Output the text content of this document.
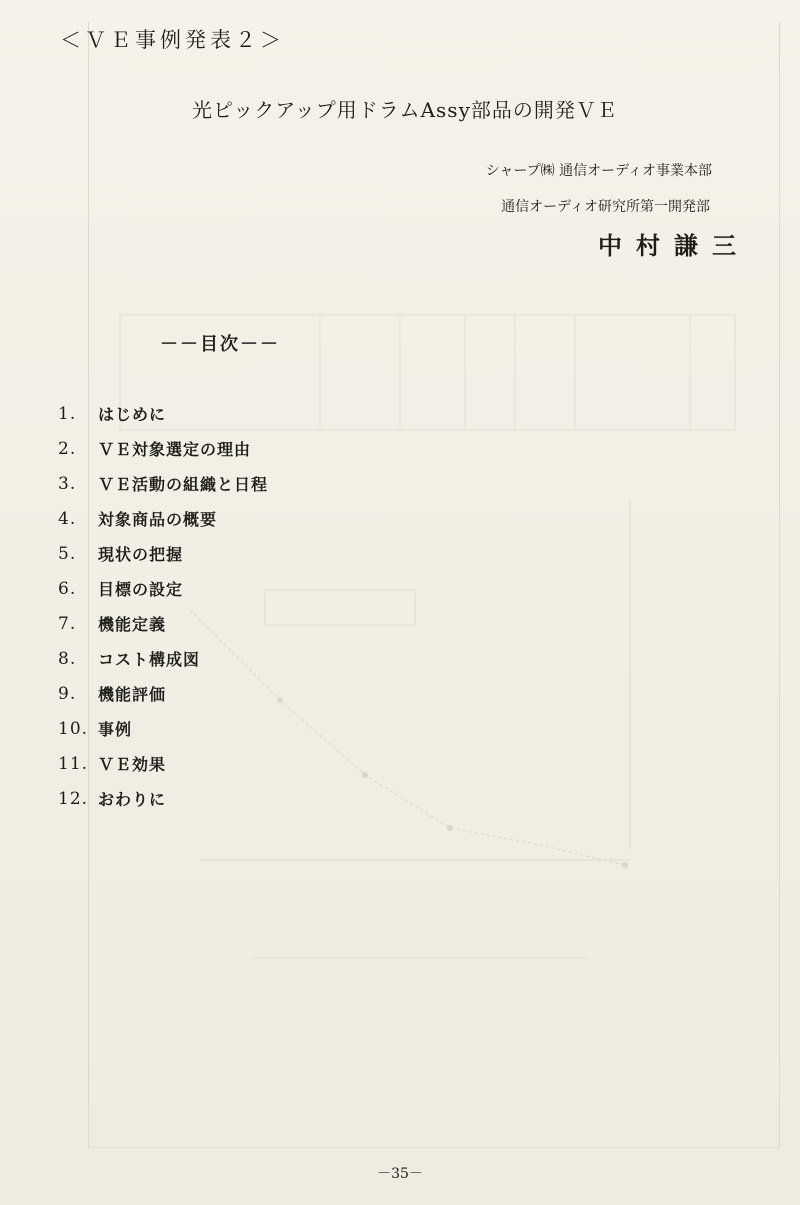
＜ＶＥ事例発表２＞
光ピックアップ用ドラムAssy部品の開発ＶＥ
シャープ㈱ 通信オーディオ事業本部
通信オーディオ研究所第一開発部
中村謙三
－－目次－－
1.	はじめに
2.	ＶＥ対象選定の理由
3.	ＶＥ活動の組織と日程
4.	対象商品の概要
5.	現状の把握
6.	目標の設定
7.	機能定義
8.	コスト構成図
9.	機能評価
10. 事例
11. ＶＥ効果
12. おわりに
－35－
